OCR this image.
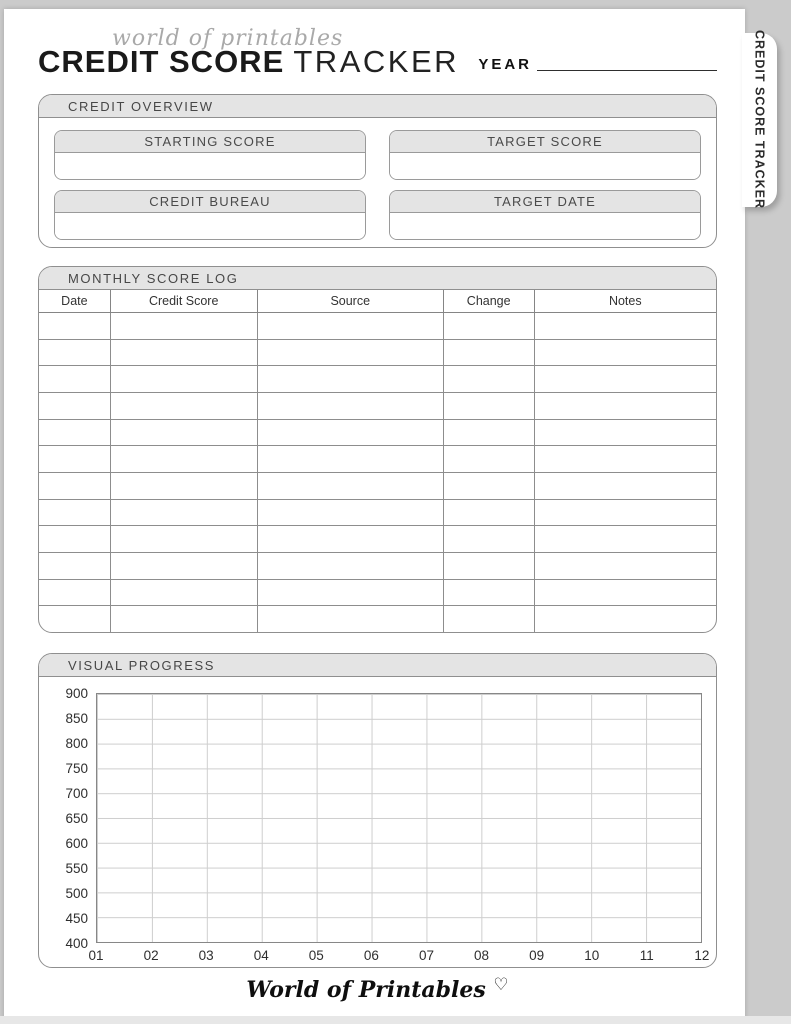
world of printables
CREDIT SCORE TRACKER YEAR
CREDIT OVERVIEW
STARTING SCORE	TARGET SCORE
CREDIT BUREAU	TARGET DATE
MONTHLY SCORE LOG
Date	Credit Score	Source	Change	Notes
VISUAL PROGRESS
900
850
800
750
700
650
600
550
500
450
400
01	02	03	04	05	06	07	08	09	10	11	12
World of Printables ♡
CREDIT SCORE TRACKER
